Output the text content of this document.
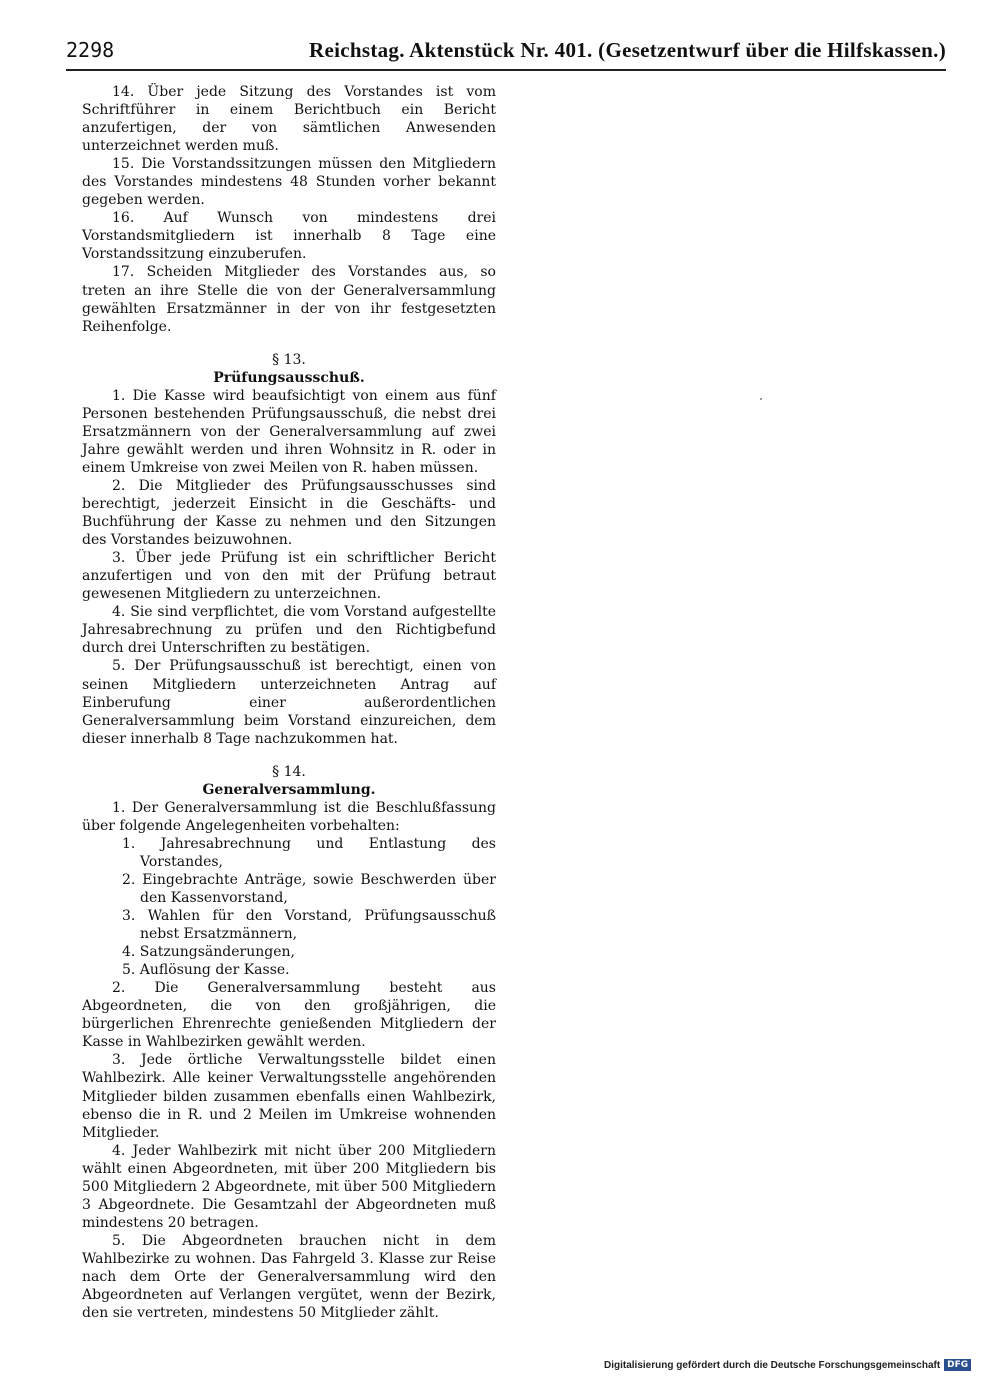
2298	Reichstag. Aktenstück Nr. 401. (Gesetzentwurf über die Hilfskassen.)

14. Über jede Sitzung des Vorstandes ist vom Schriftführer in einem Berichtbuch ein Bericht anzufertigen, der von sämtlichen Anwesenden unterzeichnet werden muß.

15. Die Vorstandssitzungen müssen den Mitgliedern des Vorstandes mindestens 48 Stunden vorher bekannt gegeben werden.

16. Auf Wunsch von mindestens drei Vorstandsmitgliedern ist innerhalb 8 Tage eine Vorstandssitzung einzuberufen.

17. Scheiden Mitglieder des Vorstandes aus, so treten an ihre Stelle die von der Generalversammlung gewählten Ersatzmänner in der von ihr festgesetzten Reihenfolge.

§ 13.
Prüfungsausschuß.

1. Die Kasse wird beaufsichtigt von einem aus fünf Personen bestehenden Prüfungsausschuß, die nebst drei Ersatzmännern von der Generalversammlung auf zwei Jahre gewählt werden und ihren Wohnsitz in R. oder in einem Umkreise von zwei Meilen von R. haben müssen.

2. Die Mitglieder des Prüfungsausschusses sind berechtigt, jederzeit Einsicht in die Geschäfts- und Buchführung der Kasse zu nehmen und den Sitzungen des Vorstandes beizuwohnen.

3. Über jede Prüfung ist ein schriftlicher Bericht anzufertigen und von den mit der Prüfung betraut gewesenen Mitgliedern zu unterzeichnen.

4. Sie sind verpflichtet, die vom Vorstand aufgestellte Jahresabrechnung zu prüfen und den Richtigbefund durch drei Unterschriften zu bestätigen.

5. Der Prüfungsausschuß ist berechtigt, einen von seinen Mitgliedern unterzeichneten Antrag auf Einberufung einer außerordentlichen Generalversammlung beim Vorstand einzureichen, dem dieser innerhalb 8 Tage nachzukommen hat.

§ 14.
Generalversammlung.

1. Der Generalversammlung ist die Beschlußfassung über folgende Angelegenheiten vorbehalten:

1. Jahresabrechnung und Entlastung des Vorstandes,
2. Eingebrachte Anträge, sowie Beschwerden über den Kassenvorstand,
3. Wahlen für den Vorstand, Prüfungsausschuß nebst Ersatzmännern,
4. Satzungsänderungen,
5. Auflösung der Kasse.

2. Die Generalversammlung besteht aus Abgeordneten, die von den großjährigen, die bürgerlichen Ehrenrechte genießenden Mitgliedern der Kasse in Wahlbezirken gewählt werden.

3. Jede örtliche Verwaltungsstelle bildet einen Wahlbezirk. Alle keiner Verwaltungsstelle angehörenden Mitglieder bilden zusammen ebenfalls einen Wahlbezirk, ebenso die in R. und 2 Meilen im Umkreise wohnenden Mitglieder.

4. Jeder Wahlbezirk mit nicht über 200 Mitgliedern wählt einen Abgeordneten, mit über 200 Mitgliedern bis 500 Mitgliedern 2 Abgeordnete, mit über 500 Mitgliedern 3 Abgeordnete. Die Gesamtzahl der Abgeordneten muß mindestens 20 betragen.

5. Die Abgeordneten brauchen nicht in dem Wahlbezirke zu wohnen. Das Fahrgeld 3. Klasse zur Reise nach dem Orte der Generalversammlung wird den Abgeordneten auf Verlangen vergütet, wenn der Bezirk, den sie vertreten, mindestens 50 Mitglieder zählt.

Digitalisierung gefördert durch die Deutsche Forschungsgemeinschaft DFG
